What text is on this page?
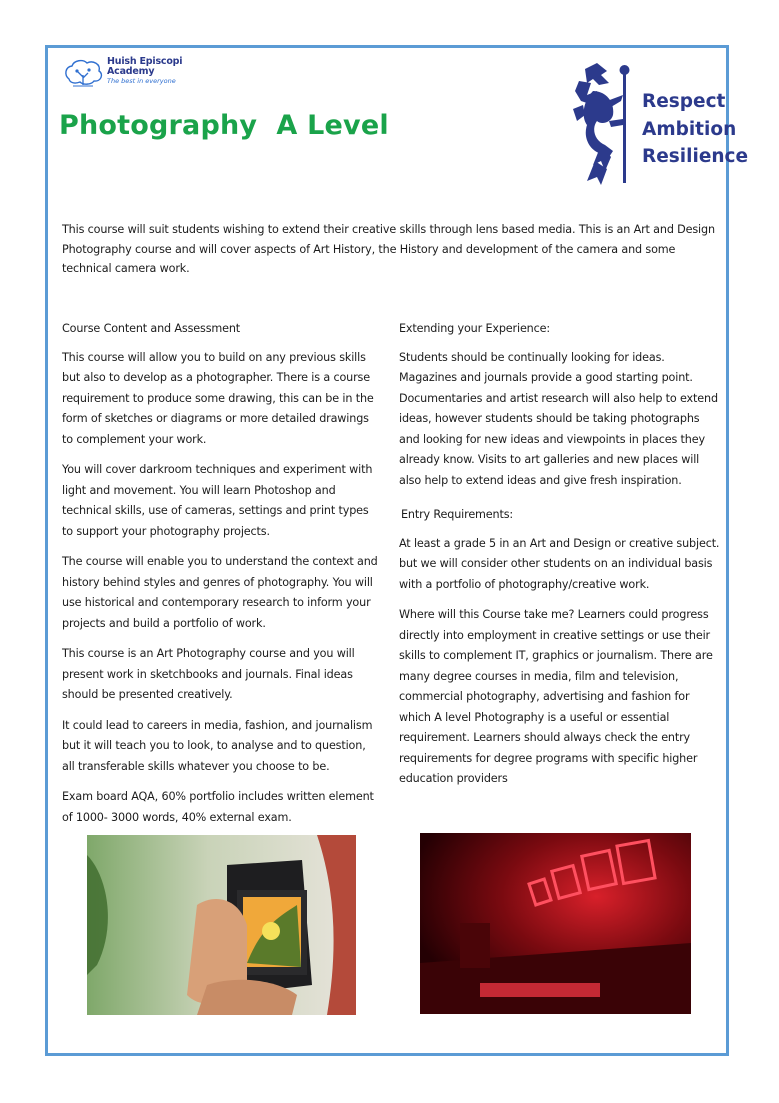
Huish Episcopi Academy
The best in everyone
Photography  A Level
Respect
Ambition
Resilience

This course will suit students wishing to extend their creative skills through lens based media. This is an Art and Design Photography course and will cover aspects of Art History, the History and development of the camera and some technical camera work.

Course Content and Assessment

This course will allow you to build on any previous skills but also to develop as a photographer. There is a course requirement to produce some drawing, this can be in the form of sketches or diagrams or more detailed drawings to complement your work.

You will cover darkroom techniques and experiment with light and movement. You will learn Photoshop and technical skills, use of cameras, settings and print types to support your photography projects.

The course will enable you to understand the context and history behind styles and genres of photography. You will use historical and contemporary research to inform your projects and build a portfolio of work.

This course is an Art Photography course and you will present work in sketchbooks and journals. Final ideas should be presented creatively.

It could lead to careers in media, fashion, and journalism but it will teach you to look, to analyse and to question, all transferable skills whatever you choose to be.

Exam board AQA, 60% portfolio includes written element of 1000- 3000 words, 40% external exam.

Extending your Experience:

Students should be continually looking for ideas. Magazines and journals provide a good starting point. Documentaries and artist research will also help to extend ideas, however students should be taking photographs and looking for new ideas and viewpoints in places they already know. Visits to art galleries and new places will also help to extend ideas and give fresh inspiration.

Entry Requirements:

At least a grade 5 in an Art and Design or creative subject. but we will consider other students on an individual basis with a portfolio of photography/creative work.

Where will this Course take me? Learners could progress directly into employment in creative settings or use their skills to complement IT, graphics or journalism. There are many degree courses in media, film and television, commercial photography, advertising and fashion for which A level Photography is a useful or essential requirement. Learners should always check the entry requirements for degree programs with specific higher education providers
